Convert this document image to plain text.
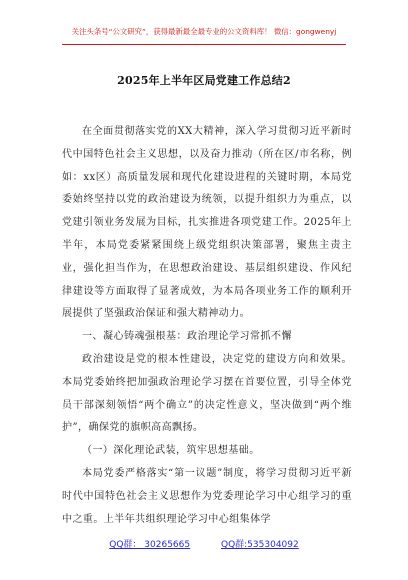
关注头条号“公文研究”，获得最新最全最专业的公文资料库！ 微信：gongwenyj
2025年上半年区局党建工作总结2

在全面贯彻落实党的XX大精神，深入学习贯彻习近平新时代中国特色社会主义思想，以及奋力推动（所在区/市名称，例如：xx区）高质量发展和现代化建设进程的关键时期，本局党委始终坚持以党的政治建设为统领，以提升组织力为重点，以党建引领业务发展为目标，扎实推进各项党建工作。2025年上半年，本局党委紧紧围绕上级党组织决策部署，聚焦主责主业，强化担当作为，在思想政治建设、基层组织建设、作风纪律建设等方面取得了显著成效，为本局各项业务工作的顺利开展提供了坚强政治保证和强大精神动力。

一、凝心铸魂强根基：政治理论学习常抓不懈

政治建设是党的根本性建设，决定党的建设方向和效果。本局党委始终把加强政治理论学习摆在首要位置，引导全体党员干部深刻领悟“两个确立”的决定性意义，坚决做到“两个维护”，确保党的旗帜高高飘扬。

（一）深化理论武装，筑牢思想基础。

本局党委严格落实“第一议题”制度，将学习贯彻习近平新时代中国特色社会主义思想作为党委理论学习中心组学习的重中之重。上半年共组织理论学习中心组集体学

QQ群： 30265665	QQ群:535304092
